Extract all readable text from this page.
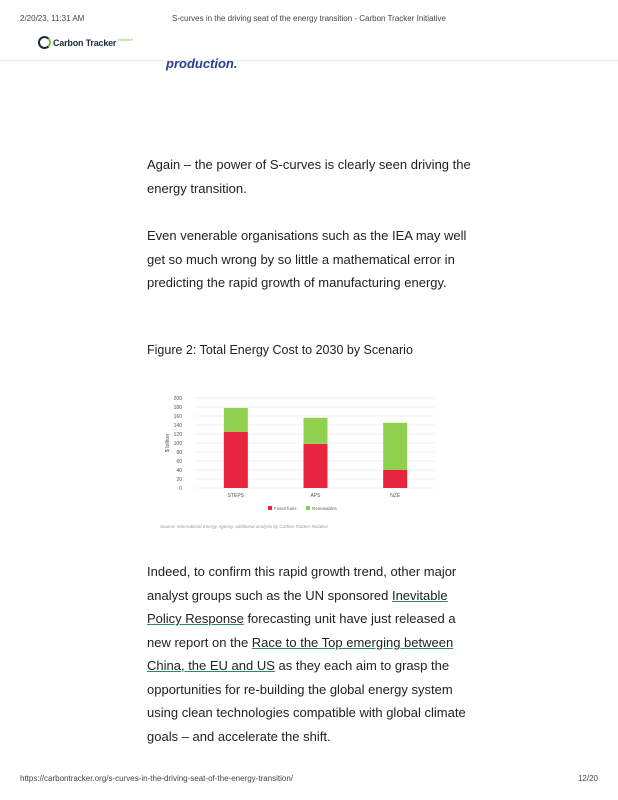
2/20/23, 11:31 AM	S-curves in the driving seat of the energy transition - Carbon Tracker Initiative
Carbon Tracker initiative
production.

Again – the power of S-curves is clearly seen driving the energy transition.

Even venerable organisations such as the IEA may well get so much wrong by so little a mathematical error in predicting the rapid growth of manufacturing energy.

Figure 2: Total Energy Cost to 2030 by Scenario
0
20
40
60
80
100
120
140
160
180
200
$ billion
STEPS	APS	NZE
Fossil fuels	Renewables
Source: International Energy Agency, additional analysis by Carbon Tracker Initiative

Indeed, to confirm this rapid growth trend, other major analyst groups such as the UN sponsored Inevitable Policy Response forecasting unit have just released a new report on the Race to the Top emerging between China, the EU and US as they each aim to grasp the opportunities for re-building the global energy system using clean technologies compatible with global climate goals – and accelerate the shift.

https://carbontracker.org/s-curves-in-the-driving-seat-of-the-energy-transition/	12/20
